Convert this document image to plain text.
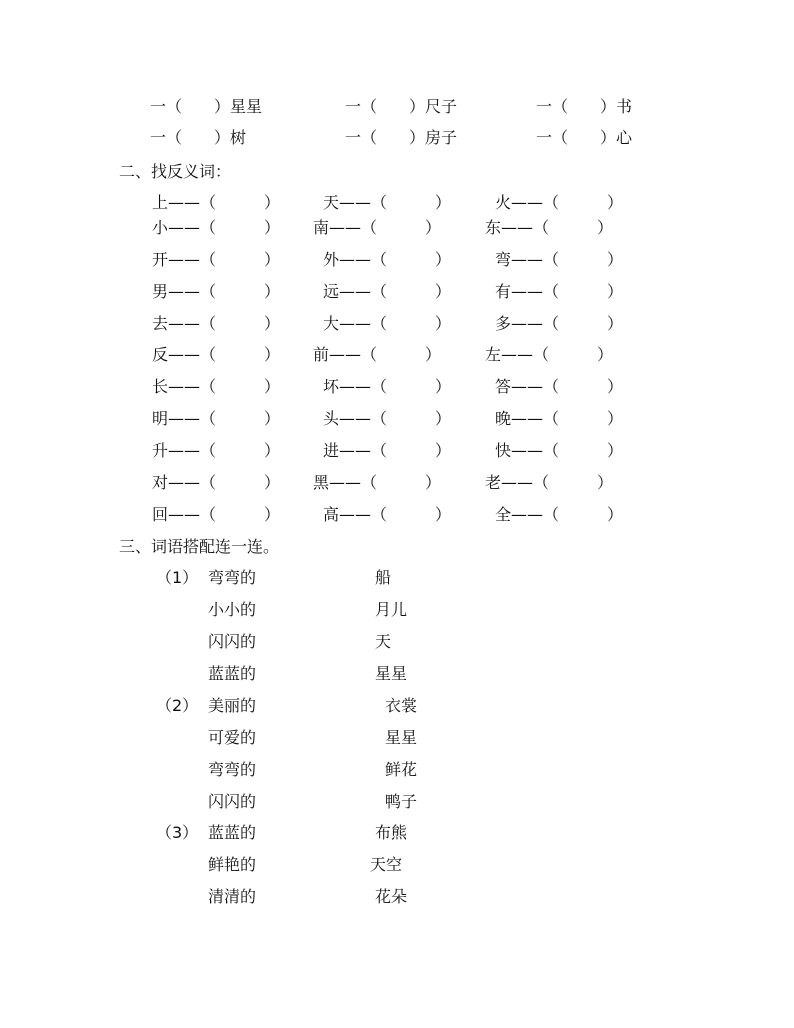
一（　　）星星	一（　　）尺子	一（　　）书
一（　　）树	一（　　）房子	一（　　）心
二、找反义词：
上——（　　　）	天——（　　　）	火——（　　　）
小——（　　　） 南——（　　　）	东——（　　　）
开——（　　　）	外——（　　　）	弯——（　　　）
男——（　　　）	远——（　　　）	有——（　　　）
去——（　　　）	大——（　　　）	多——（　　　）
反——（　　　） 前——（　　　）	左——（　　　）
长——（　　　）	坏——（　　　）	答——（　　　）
明——（　　　）	头——（　　　）	晚——（　　　）
升——（　　　）	进——（　　　）	快——（　　　）
对——（　　　） 黑——（　　　）	老——（　　　）
回——（　　　）	高——（　　　）	全——（　　　）
三、词语搭配连一连。
（1） 弯弯的	船
小小的	月儿
闪闪的	天
蓝蓝的	星星
（2） 美丽的	衣裳
可爱的	星星
弯弯的	鲜花
闪闪的	鸭子
（3） 蓝蓝的	布熊
鲜艳的	天空
清清的	花朵
